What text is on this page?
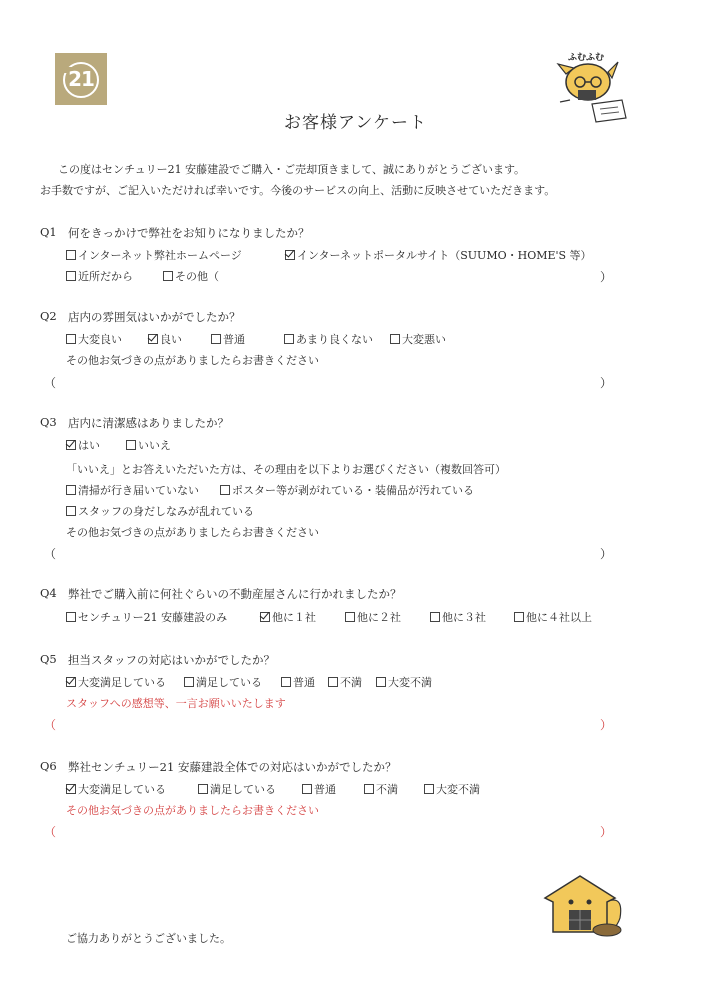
21
ふむふむ
お客様アンケート
この度はセンチュリー21 安藤建設でご購入・ご売却頂きまして、誠にありがとうございます。
お手数ですが、ご記入いただければ幸いです。今後のサービスの向上、活動に反映させていただきます。
Q1 何をきっかけで弊社をお知りになりましたか？
インターネット弊社ホームページ	インターネットポータルサイト（SUUMO・HOME'S 等）
近所だから	その他（	）
Q2 店内の雰囲気はいかがでしたか？
大変良い	良い	普通	あまり良くない	大変悪い
その他お気づきの点がありましたらお書きください
（	）
Q3 店内に清潔感はありましたか？
はい	いいえ
「いいえ」とお答えいただいた方は、その理由を以下よりお選びください（複数回答可）
清掃が行き届いていない	ポスター等が剥がれている・装備品が汚れている
スタッフの身だしなみが乱れている
その他お気づきの点がありましたらお書きください
（	）
Q4 弊社でご購入前に何社ぐらいの不動産屋さんに行かれましたか？
センチュリー21 安藤建設のみ	他に１社	他に２社	他に３社	他に４社以上
Q5 担当スタッフの対応はいかがでしたか？
大変満足している	満足している	普通	不満	大変不満
スタッフへの感想等、一言お願いいたします
（	）
Q6 弊社センチュリー21 安藤建設全体での対応はいかがでしたか？
大変満足している	満足している	普通	不満	大変不満
その他お気づきの点がありましたらお書きください
（	）
ご協力ありがとうございました。
